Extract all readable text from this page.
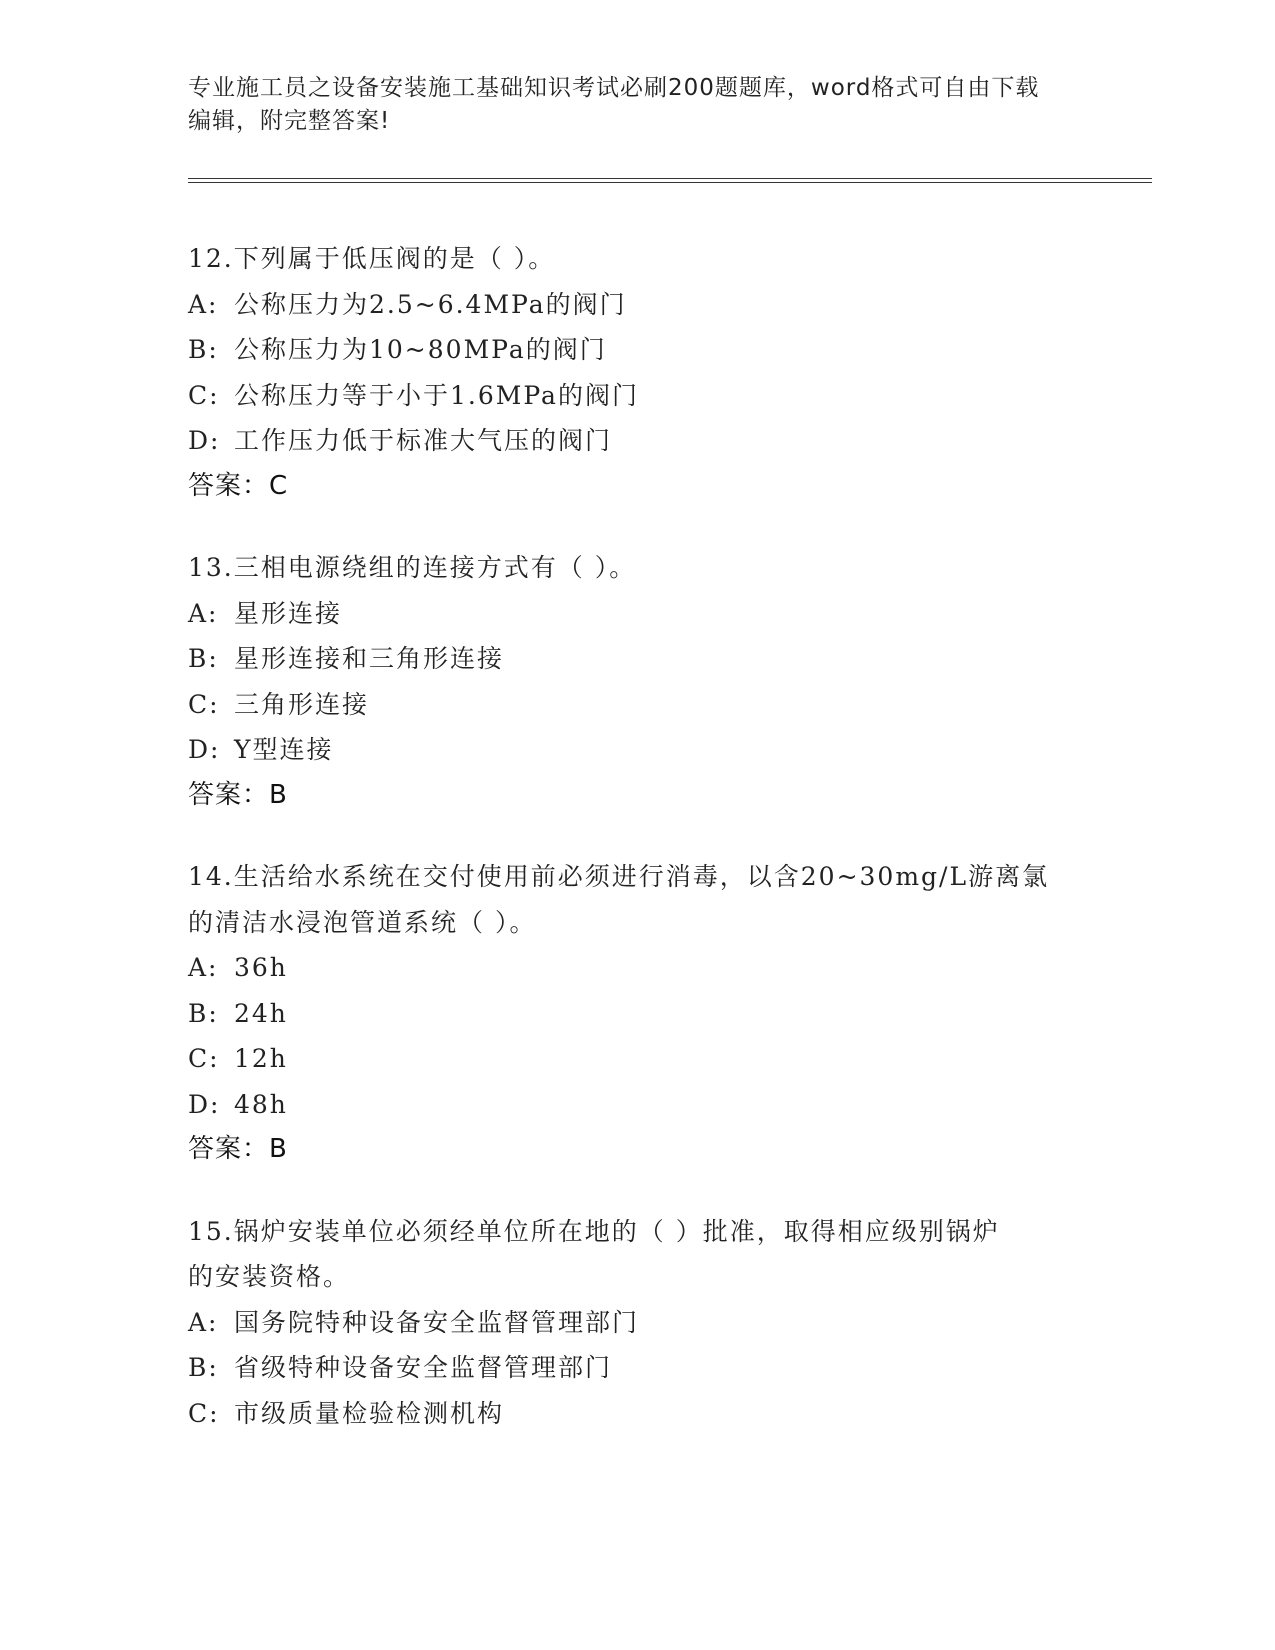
专业施工员之设备安装施工基础知识考试必刷200题题库，word格式可自由下载
编辑，附完整答案!
12.下列属于低压阀的是（ ）。
A: 公称压力为2.5~6.4MPa的阀门
B: 公称压力为10~80MPa的阀门
C: 公称压力等于小于1.6MPa的阀门
D: 工作压力低于标准大气压的阀门
答案：C
13.三相电源绕组的连接方式有（ ）。
A: 星形连接
B: 星形连接和三角形连接
C: 三角形连接
D: Y型连接
答案：B
14.生活给水系统在交付使用前必须进行消毒，以含20~30mg/L游离氯
的清洁水浸泡管道系统（ ）。
A: 36h
B: 24h
C: 12h
D: 48h
答案：B
15.锅炉安装单位必须经单位所在地的（ ）批准，取得相应级别锅炉
的安装资格。
A: 国务院特种设备安全监督管理部门
B: 省级特种设备安全监督管理部门
C: 市级质量检验检测机构
